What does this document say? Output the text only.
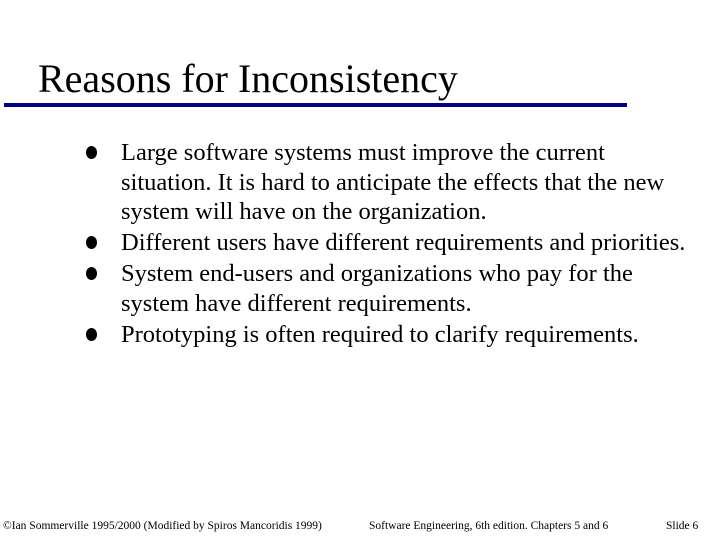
Reasons for Inconsistency
Large software systems must improve the current situation. It is hard to anticipate the effects that the new system will have on the organization.
Different users have different requirements and priorities.
System end-users and organizations who pay for the system have different requirements.
Prototyping is often required to clarify requirements.
©Ian Sommerville 1995/2000 (Modified by Spiros Mancoridis 1999)	Software Engineering, 6th edition. Chapters 5 and 6	Slide 6
